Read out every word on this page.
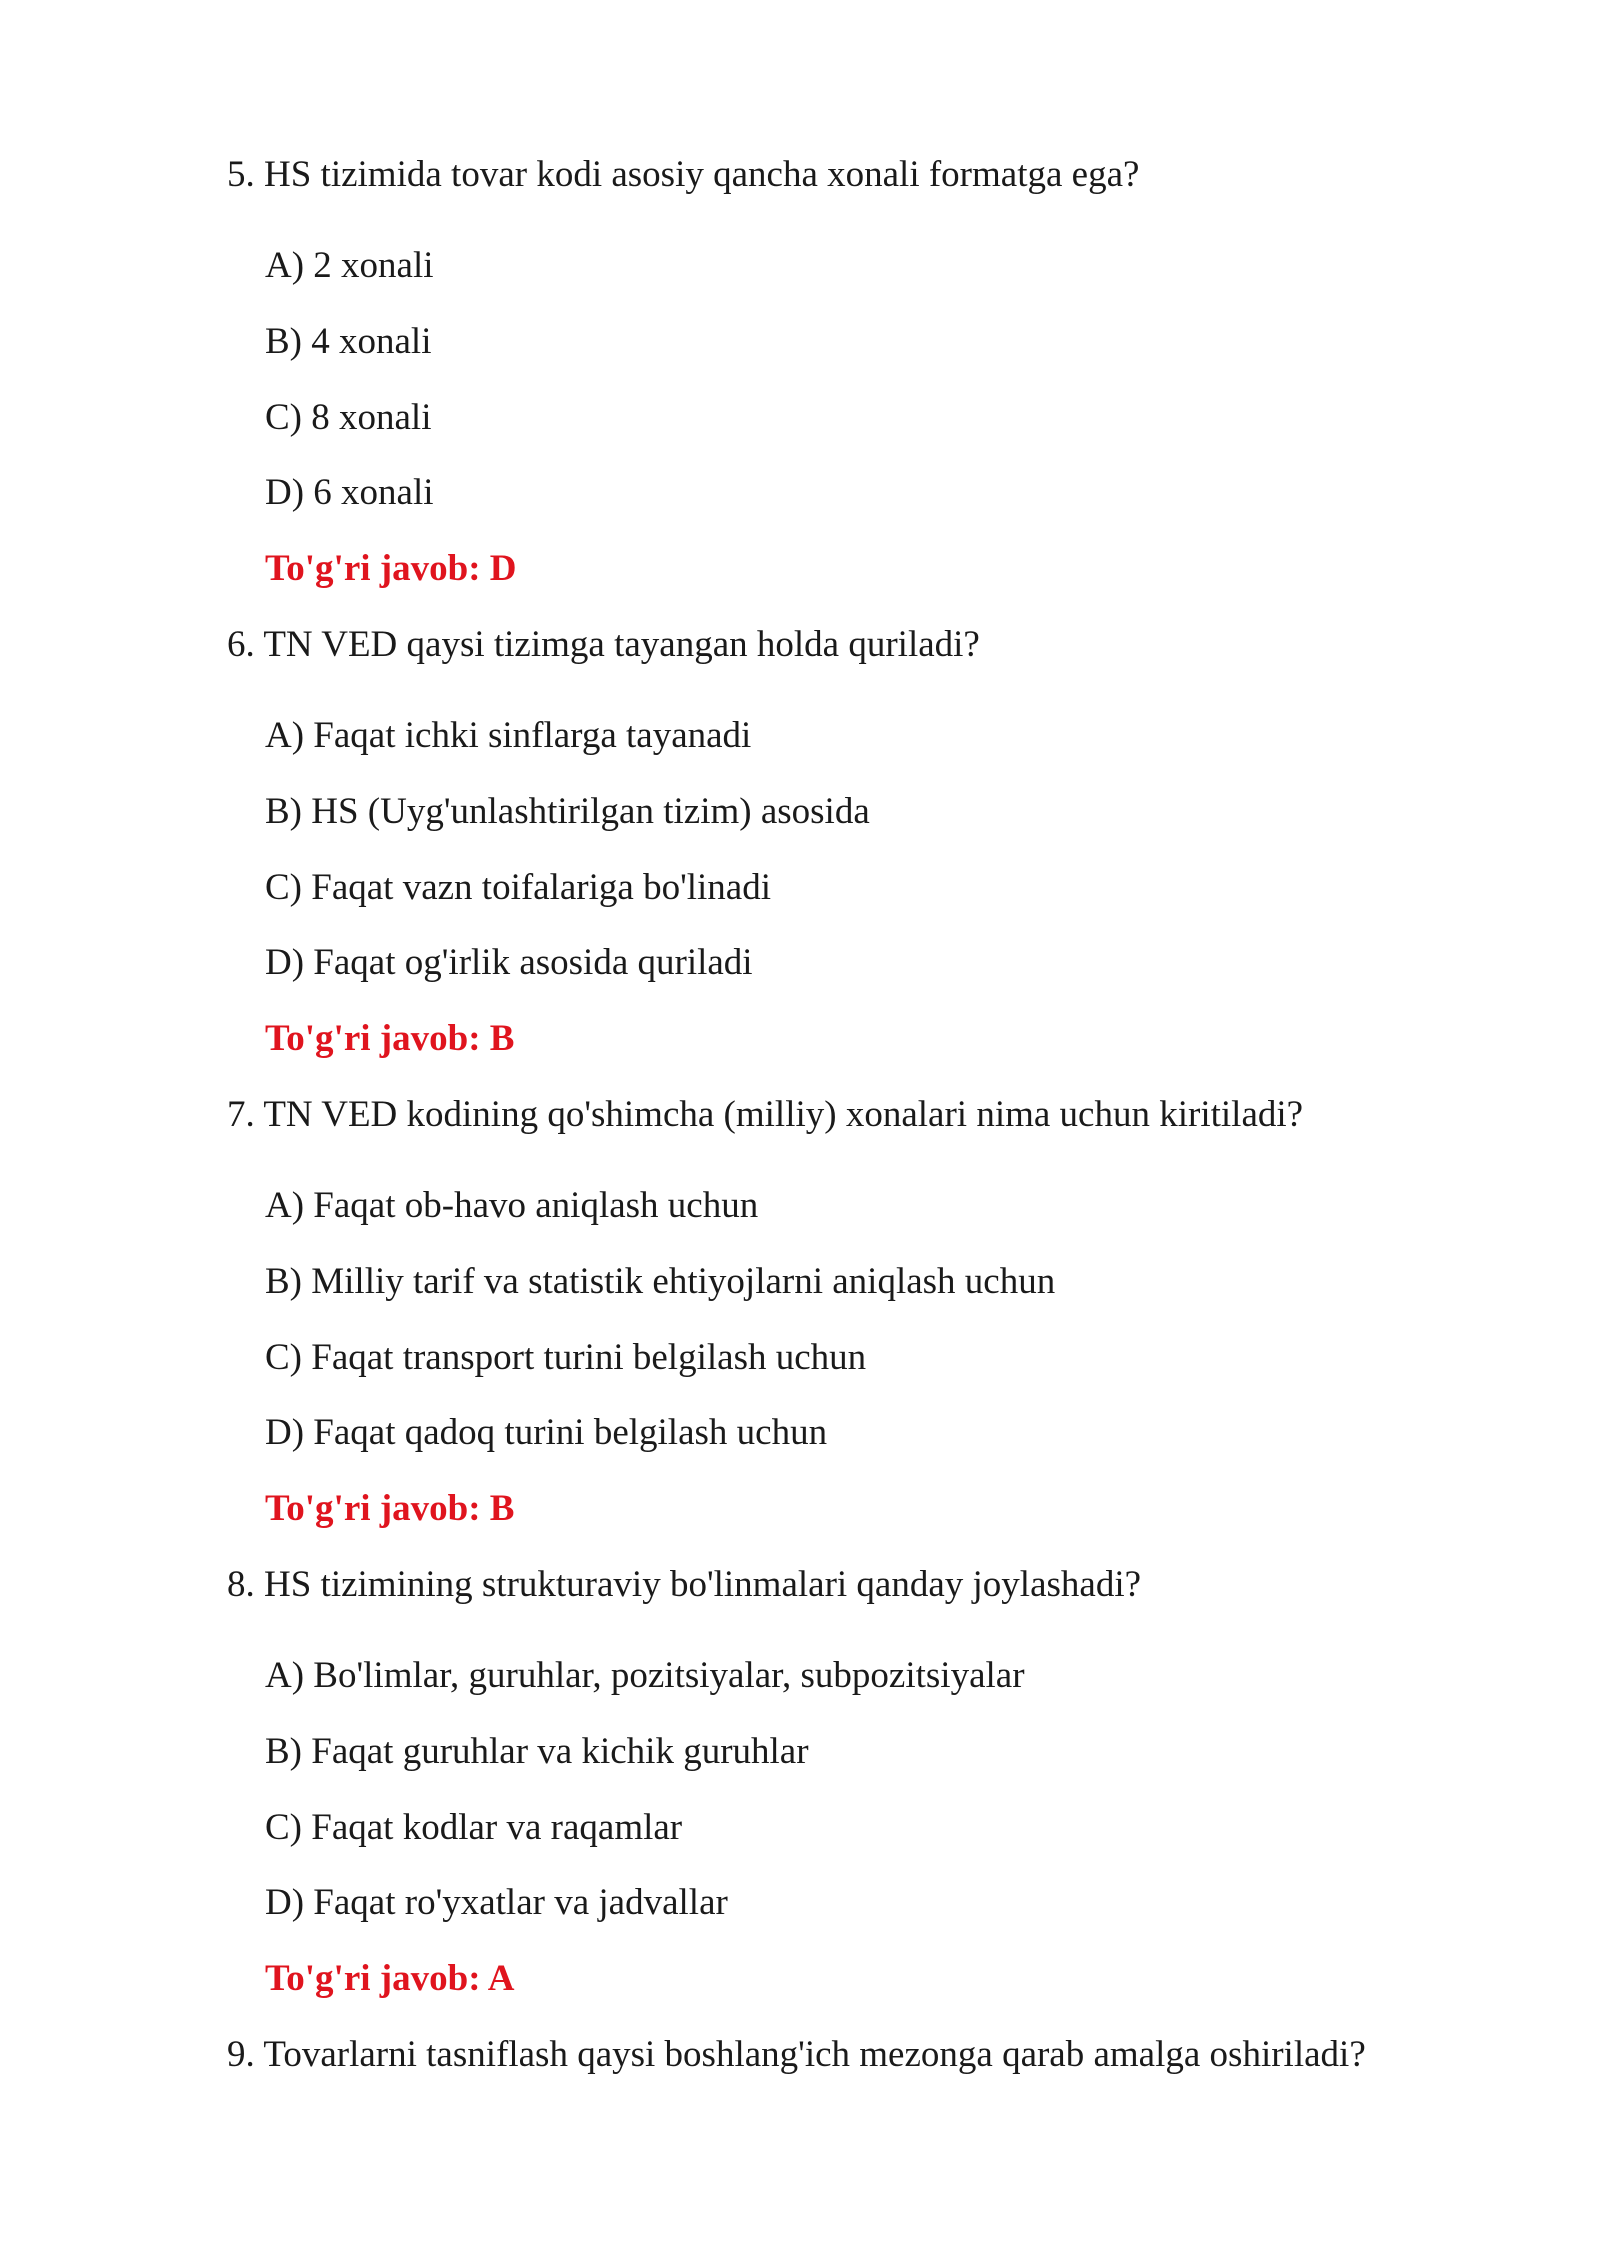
5. HS tizimida tovar kodi asosiy qancha xonali formatga ega?
A) 2 xonali
B) 4 xonali
C) 8 xonali
D) 6 xonali
To'g'ri javob: D
6. TN VED qaysi tizimga tayangan holda quriladi?
A) Faqat ichki sinflarga tayanadi
B) HS (Uyg'unlashtirilgan tizim) asosida
C) Faqat vazn toifalariga bo'linadi
D) Faqat og'irlik asosida quriladi
To'g'ri javob: B
7. TN VED kodining qo'shimcha (milliy) xonalari nima uchun kiritiladi?
A) Faqat ob-havo aniqlash uchun
B) Milliy tarif va statistik ehtiyojlarni aniqlash uchun
C) Faqat transport turini belgilash uchun
D) Faqat qadoq turini belgilash uchun
To'g'ri javob: B
8. HS tizimining strukturaviy bo'linmalari qanday joylashadi?
A) Bo'limlar, guruhlar, pozitsiyalar, subpozitsiyalar
B) Faqat guruhlar va kichik guruhlar
C) Faqat kodlar va raqamlar
D) Faqat ro'yxatlar va jadvallar
To'g'ri javob: A
9. Tovarlarni tasniflash qaysi boshlang'ich mezonga qarab amalga oshiriladi?
